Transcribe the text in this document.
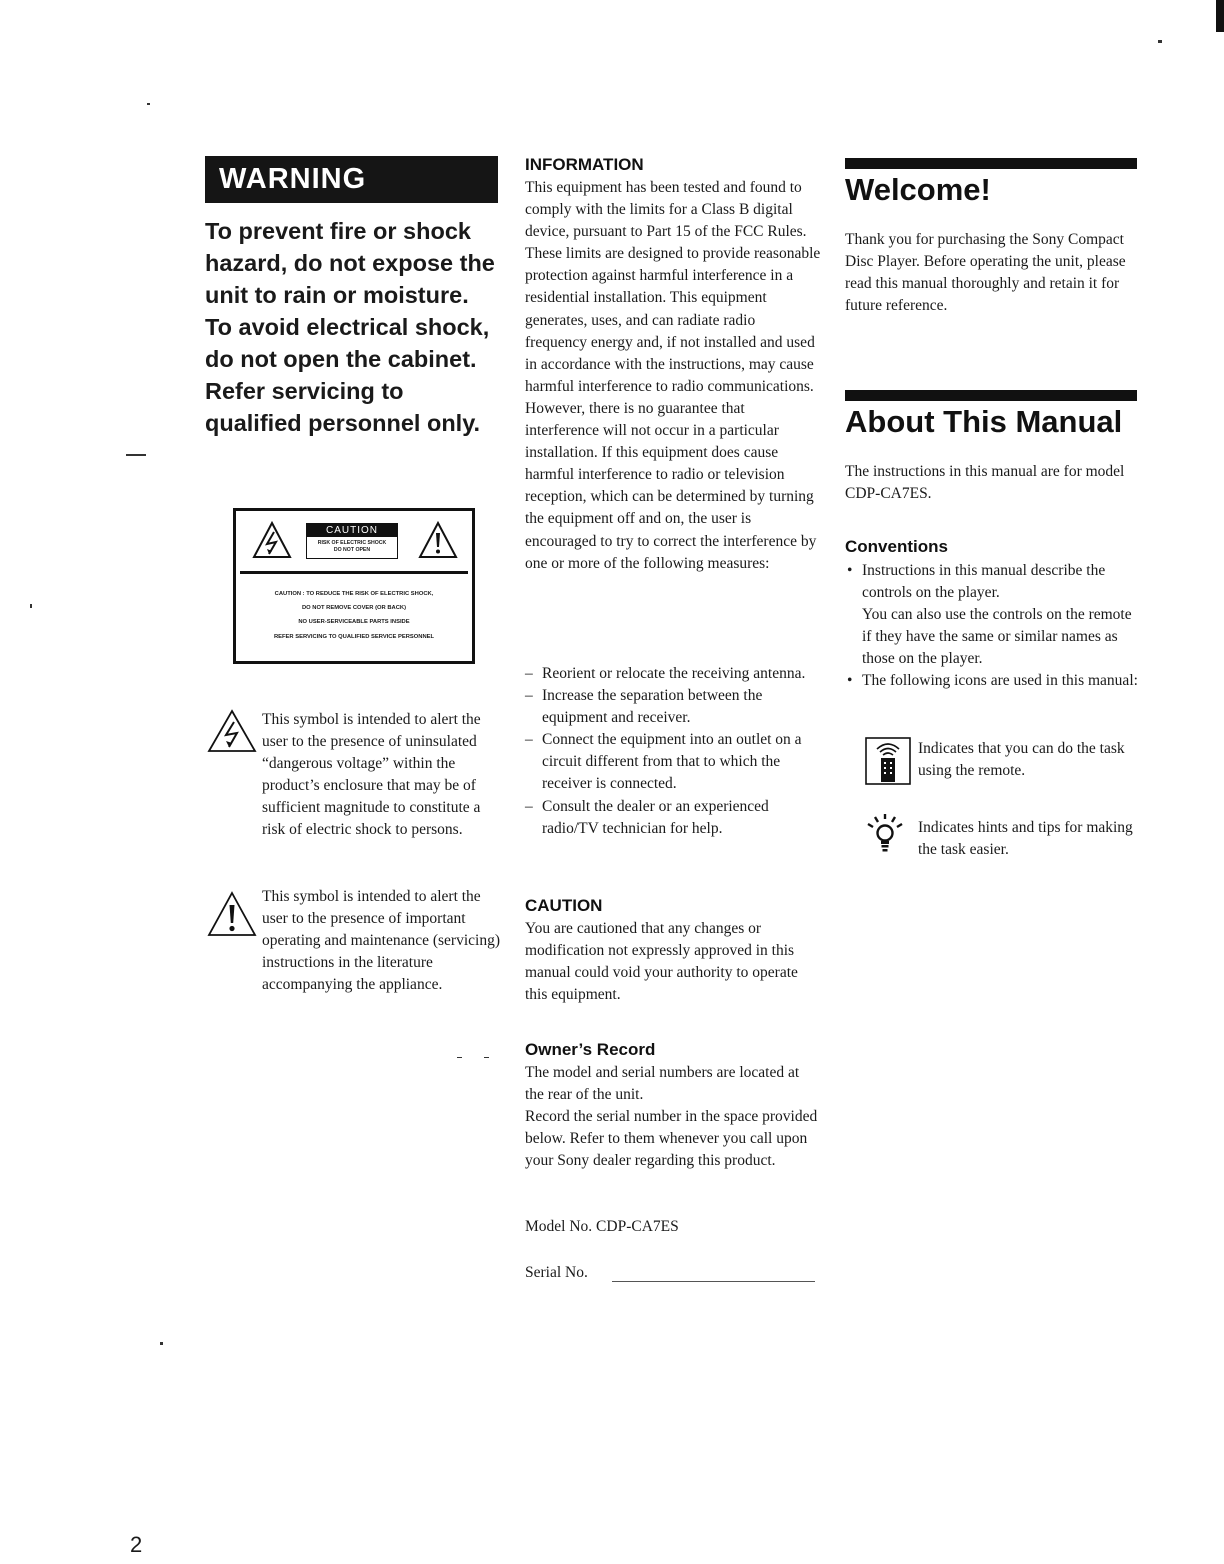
WARNING

To prevent fire or shock hazard, do not expose the unit to rain or moisture. To avoid electrical shock, do not open the cabinet. Refer servicing to qualified personnel only.

CAUTION
RISK OF ELECTRIC SHOCK
DO NOT OPEN
CAUTION : TO REDUCE THE RISK OF ELECTRIC SHOCK,
DO NOT REMOVE COVER (OR BACK)
NO USER-SERVICEABLE PARTS INSIDE
REFER SERVICING TO QUALIFIED SERVICE PERSONNEL

This symbol is intended to alert the user to the presence of uninsulated “dangerous voltage” within the product’s enclosure that may be of sufficient magnitude to constitute a risk of electric shock to persons.

This symbol is intended to alert the user to the presence of important operating and maintenance (servicing) instructions in the literature accompanying the appliance.

INFORMATION

This equipment has been tested and found to comply with the limits for a Class B digital device, pursuant to Part 15 of the FCC Rules. These limits are designed to provide reasonable protection against harmful interference in a residential installation. This equipment generates, uses, and can radiate radio frequency energy and, if not installed and used in accordance with the instructions, may cause harmful interference to radio communications. However, there is no guarantee that interference will not occur in a particular installation. If this equipment does cause harmful interference to radio or television reception, which can be determined by turning the equipment off and on, the user is encouraged to try to correct the interference by one or more of the following measures:

– Reorient or relocate the receiving antenna.
– Increase the separation between the equipment and receiver.
– Connect the equipment into an outlet on a circuit different from that to which the receiver is connected.
– Consult the dealer or an experienced radio/TV technician for help.
CAUTION

You are cautioned that any changes or modification not expressly approved in this manual could void your authority to operate this equipment.

Owner’s Record

The model and serial numbers are located at the rear of the unit.

Record the serial number in the space provided below. Refer to them whenever you call upon your Sony dealer regarding this product.

Model No. CDP-CA7ES
Serial No.
Welcome!

Thank you for purchasing the Sony Compact Disc Player. Before operating the unit, please read this manual thoroughly and retain it for future reference.

About This Manual

The instructions in this manual are for model CDP-CA7ES.

Conventions
• Instructions in this manual describe the controls on the player.
You can also use the controls on the remote if they have the same or similar names as those on the player.
• The following icons are used in this manual:

Indicates that you can do the task using the remote.

Indicates hints and tips for making the task easier.

2
